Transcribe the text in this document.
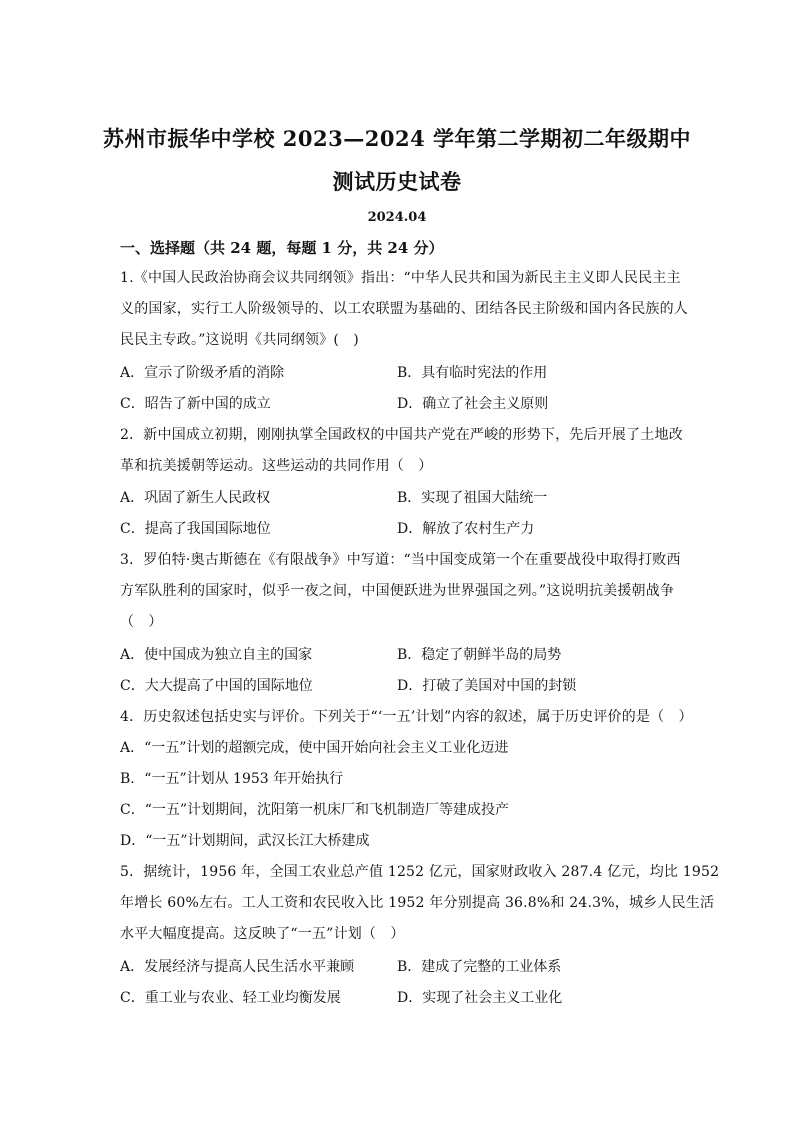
苏州市振华中学校 2023—2024 学年第二学期初二年级期中
测试历史试卷
2024.04
一、选择题（共 24 题，每题 1 分，共 24 分）
1.《中国人民政治协商会议共同纲领》指出：“中华人民共和国为新民主主义即人民民主主
义的国家，实行工人阶级领导的、以工农联盟为基础的、团结各民主阶级和国内各民族的人
民民主专政。”这说明《共同纲领》(　)
A．宣示了阶级矛盾的消除	B．具有临时宪法的作用
C．昭告了新中国的成立	D．确立了社会主义原则
2．新中国成立初期，刚刚执掌全国政权的中国共产党在严峻的形势下，先后开展了土地改
革和抗美援朝等运动。这些运动的共同作用（　）
A．巩固了新生人民政权	B．实现了祖国大陆统一
C．提高了我国国际地位	D．解放了农村生产力
3．罗伯特·奥古斯德在《有限战争》中写道：“当中国变成第一个在重要战役中取得打败西
方军队胜利的国家时，似乎一夜之间，中国便跃进为世界强国之列。”这说明抗美援朝战争
（　）
A．使中国成为独立自主的国家	B．稳定了朝鲜半岛的局势
C．大大提高了中国的国际地位	D．打破了美国对中国的封锁
4．历史叙述包括史实与评价。下列关于“‘一五’计划”内容的叙述，属于历史评价的是（　）
A．“一五”计划的超额完成，使中国开始向社会主义工业化迈进
B．“一五”计划从 1953 年开始执行
C．“一五”计划期间，沈阳第一机床厂和飞机制造厂等建成投产
D．“一五”计划期间，武汉长江大桥建成
5．据统计，1956 年，全国工农业总产值 1252 亿元，国家财政收入 287.4 亿元，均比 1952
年增长 60%左右。工人工资和农民收入比 1952 年分别提高 36.8%和 24.3%，城乡人民生活
水平大幅度提高。这反映了“一五”计划（　）
A．发展经济与提高人民生活水平兼顾	B．建成了完整的工业体系
C．重工业与农业、轻工业均衡发展	D．实现了社会主义工业化
